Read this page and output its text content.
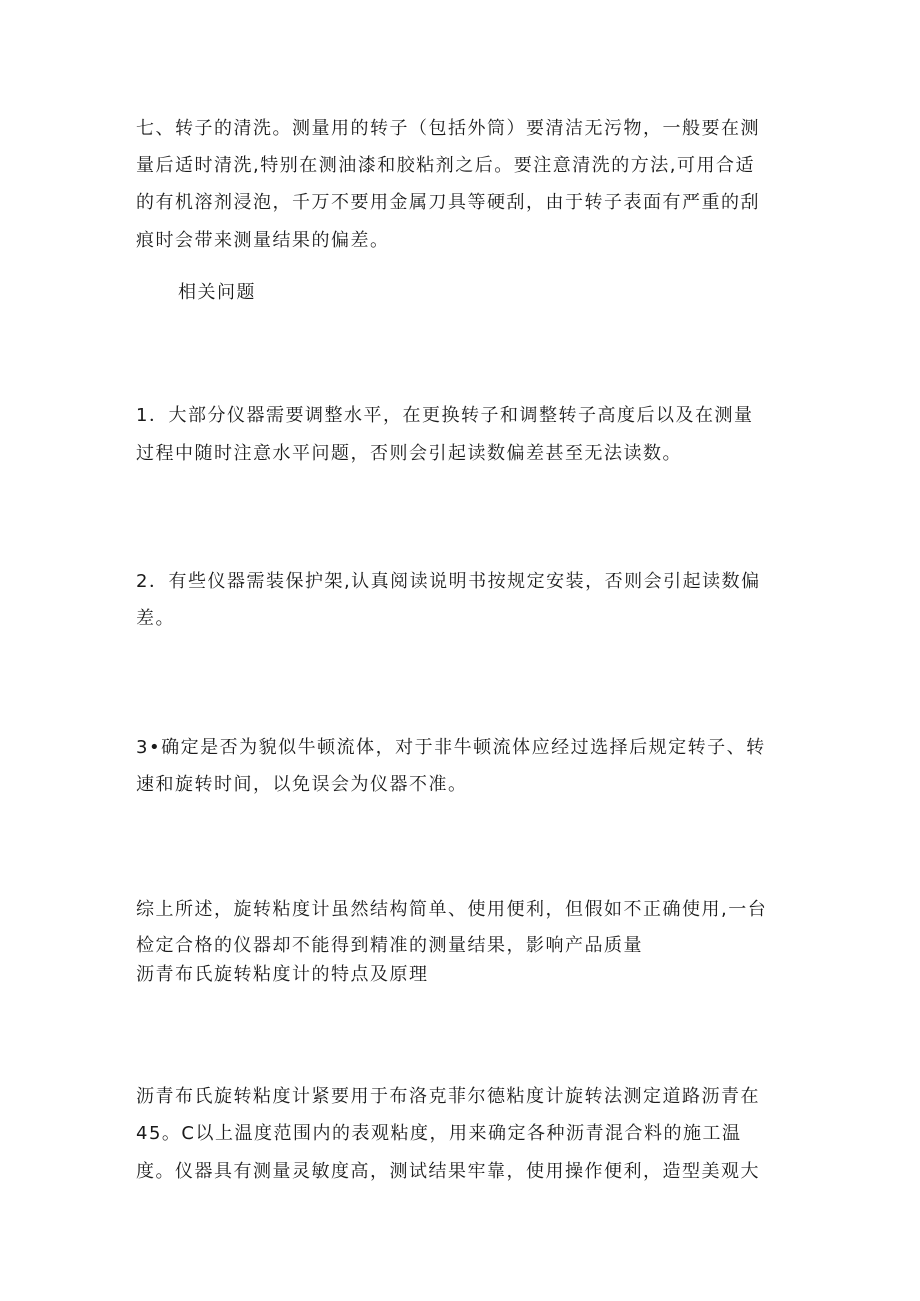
七、转子的清洗。测量用的转子（包括外筒）要清洁无污物，一般要在测
量后适时清洗,特别在测油漆和胶粘剂之后。要注意清洗的方法,可用合适
的有机溶剂浸泡，千万不要用金属刀具等硬刮，由于转子表面有严重的刮
痕时会带来测量结果的偏差。
相关问题
1．大部分仪器需要调整水平，在更换转子和调整转子高度后以及在测量
过程中随时注意水平问题，否则会引起读数偏差甚至无法读数。
2．有些仪器需装保护架,认真阅读说明书按规定安装，否则会引起读数偏
差。
3•确定是否为貌似牛顿流体，对于非牛顿流体应经过选择后规定转子、转
速和旋转时间，以免误会为仪器不准。
综上所述，旋转粘度计虽然结构简单、使用便利，但假如不正确使用,一台
检定合格的仪器却不能得到精准的测量结果，影响产品质量
沥青布氏旋转粘度计的特点及原理
沥青布氏旋转粘度计紧要用于布洛克菲尔德粘度计旋转法测定道路沥青在
45。C以上温度范围内的表观粘度，用来确定各种沥青混合料的施工温
度。仪器具有测量灵敏度高，测试结果牢靠，使用操作便利，造型美观大
